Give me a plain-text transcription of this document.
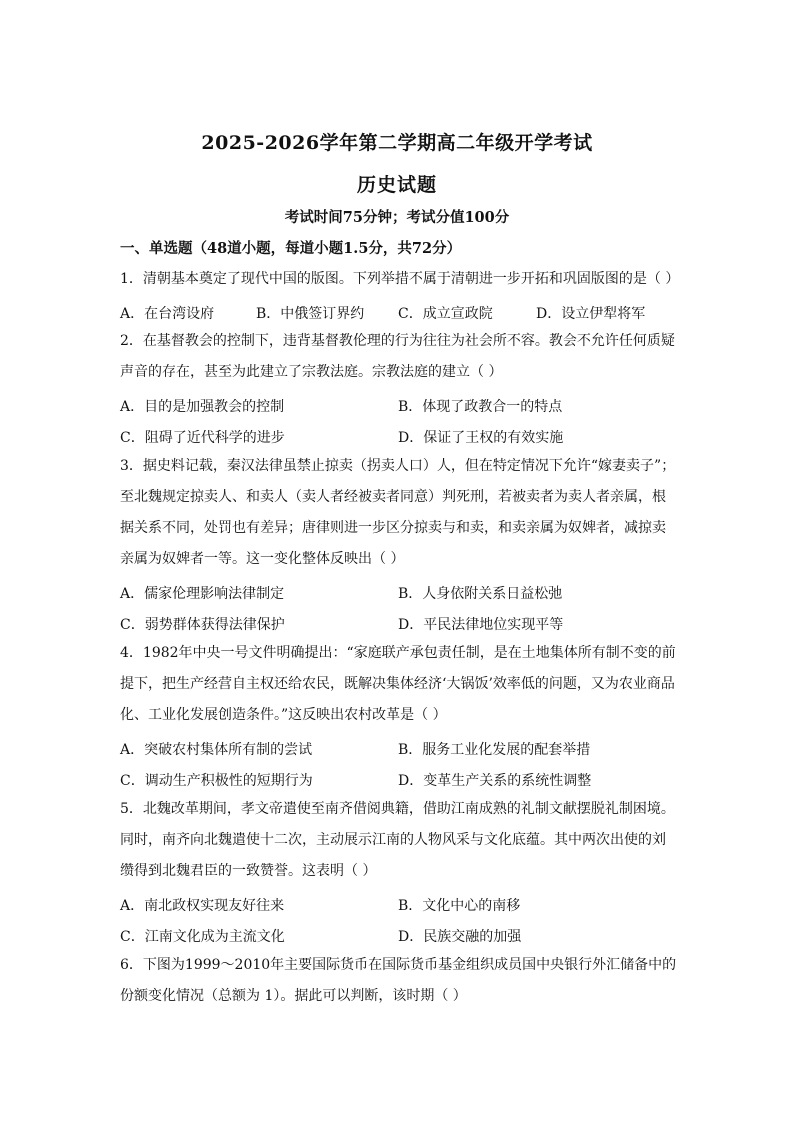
2025-2026学年第二学期高二年级开学考试
历史试题
考试时间75分钟；考试分值100分
一、单选题（48道小题，每道小题1.5分，共72分）
1．清朝基本奠定了现代中国的版图。下列举措不属于清朝进一步开拓和巩固版图的是（ ）
A．在台湾设府	B．中俄签订界约 C．成立宣政院	D．设立伊犁将军
2．在基督教会的控制下，违背基督教伦理的行为往往为社会所不容。教会不允许任何质疑声音的存在，甚至为此建立了宗教法庭。宗教法庭的建立（ ）
A．目的是加强教会的控制	B．体现了政教合一的特点
C．阻碍了近代科学的进步	D．保证了王权的有效实施
3．据史料记载，秦汉法律虽禁止掠卖（拐卖人口）人，但在特定情况下允许“嫁妻卖子”；至北魏规定掠卖人、和卖人（卖人者经被卖者同意）判死刑，若被卖者为卖人者亲属，根据关系不同，处罚也有差异；唐律则进一步区分掠卖与和卖，和卖亲属为奴婢者，减掠卖亲属为奴婢者一等。这一变化整体反映出（ ）
A．儒家伦理影响法律制定	B．人身依附关系日益松弛
C．弱势群体获得法律保护	D．平民法律地位实现平等
4．1982年中央一号文件明确提出：“家庭联产承包责任制，是在土地集体所有制不变的前提下，把生产经营自主权还给农民，既解决集体经济‘大锅饭’效率低的问题，又为农业商品化、工业化发展创造条件。”这反映出农村改革是（ ）
A．突破农村集体所有制的尝试	B．服务工业化发展的配套举措
C．调动生产积极性的短期行为	D．变革生产关系的系统性调整
5．北魏改革期间，孝文帝遣使至南齐借阅典籍，借助江南成熟的礼制文献摆脱礼制困境。同时，南齐向北魏遣使十二次，主动展示江南的人物风采与文化底蕴。其中两次出使的刘缵得到北魏君臣的一致赞誉。这表明（ ）
A．南北政权实现友好往来	B．文化中心的南移
C．江南文化成为主流文化	D．民族交融的加强
6．下图为1999～2010年主要国际货币在国际货币基金组织成员国中央银行外汇储备中的份额变化情况（总额为 1）。据此可以判断，该时期（ ）
